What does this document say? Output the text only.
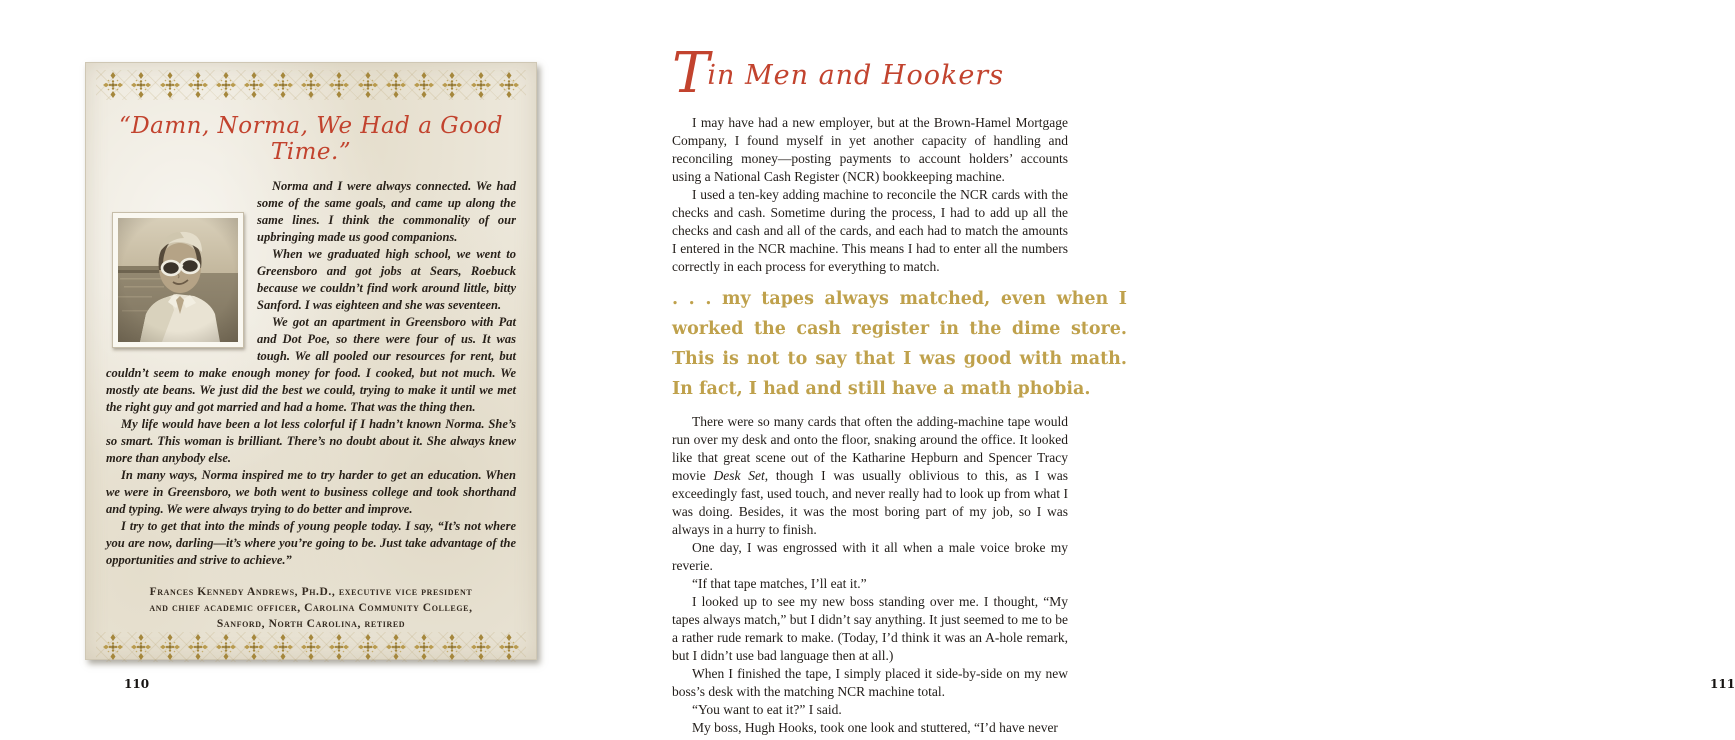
“Damn, Norma, We Had a Good Time.”

Norma and I were always connected. We had some of the same goals, and came up along the same lines. I think the commonality of our upbringing made us good companions.

When we graduated high school, we went to Greensboro and got jobs at Sears, Roebuck because we couldn’t find work around little, bitty Sanford. I was eighteen and she was seventeen.

We got an apartment in Greensboro with Pat and Dot Poe, so there were four of us. It was tough. We all pooled our resources for rent, but couldn’t seem to make enough money for food. I cooked, but not much. We mostly ate beans. We just did the best we could, trying to make it until we met the right guy and got married and had a home. That was the thing then.

My life would have been a lot less colorful if I hadn’t known Norma. She’s so smart. This woman is brilliant. There’s no doubt about it. She always knew more than anybody else.

In many ways, Norma inspired me to try harder to get an education. When we were in Greensboro, we both went to business college and took shorthand and typing. We were always trying to do better and improve.

I try to get that into the minds of young people today. I say, “It’s not where you are now, darling—it’s where you’re going to be. Just take advantage of the opportunities and strive to achieve.”

Frances Kennedy Andrews, Ph.D., executive vice president
and chief academic officer, Carolina Community College,
Sanford, North Carolina, retired
110
Tin Men and Hookers

I may have had a new employer, but at the Brown-Hamel Mortgage Company, I found myself in yet another capacity of handling and reconciling money—posting payments to account holders’ accounts using a National Cash Register (NCR) bookkeeping machine.

I used a ten-key adding machine to reconcile the NCR cards with the checks and cash. Sometime during the process, I had to add up all the checks and cash and all of the cards, and each had to match the amounts I entered in the NCR machine. This means I had to enter all the numbers correctly in each process for everything to match.

. . . my tapes always matched, even when I worked the cash register in the dime store. This is not to say that I was good with math. In fact, I had and still have a math phobia.

There were so many cards that often the adding-machine tape would run over my desk and onto the floor, snaking around the office. It looked like that great scene out of the Katharine Hepburn and Spencer Tracy movie Desk Set, though I was usually oblivious to this, as I was exceedingly fast, used touch, and never really had to look up from what I was doing. Besides, it was the most boring part of my job, so I was always in a hurry to finish.

One day, I was engrossed with it all when a male voice broke my reverie.

“If that tape matches, I’ll eat it.”

I looked up to see my new boss standing over me. I thought, “My tapes always match,” but I didn’t say anything. It just seemed to me to be a rather rude remark to make. (Today, I’d think it was an A-hole remark, but I didn’t use bad language then at all.)

When I finished the tape, I simply placed it side-by-side on my new boss’s desk with the matching NCR machine total.

“You want to eat it?” I said.

My boss, Hugh Hooks, took one look and stuttered, “I’d have never

111
